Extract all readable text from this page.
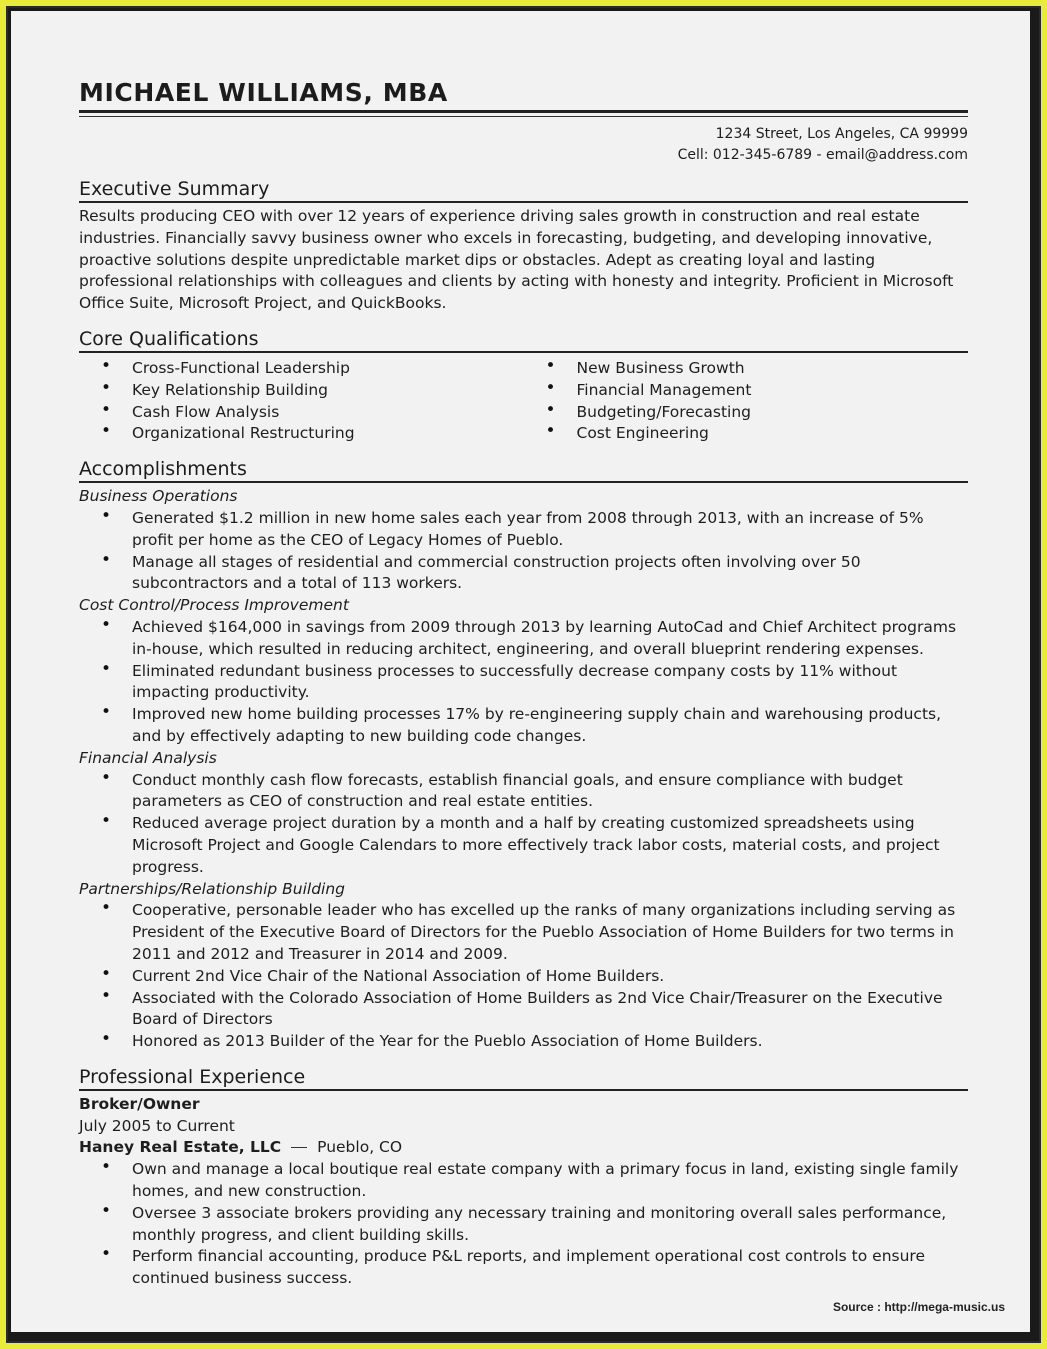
MICHAEL WILLIAMS, MBA
1234 Street, Los Angeles, CA 99999
Cell: 012-345-6789 - email@address.com
Executive Summary

Results producing CEO with over 12 years of experience driving sales growth in construction and real estate industries. Financially savvy business owner who excels in forecasting, budgeting, and developing innovative, proactive solutions despite unpredictable market dips or obstacles. Adept as creating loyal and lasting professional relationships with colleagues and clients by acting with honesty and integrity. Proficient in Microsoft Office Suite, Microsoft Project, and QuickBooks.

Core Qualifications
• Cross-Functional Leadership
• Key Relationship Building
• Cash Flow Analysis
• Organizational Restructuring
• New Business Growth
• Financial Management
• Budgeting/Forecasting
• Cost Engineering
Accomplishments

Business Operations

• Generated $1.2 million in new home sales each year from 2008 through 2013, with an increase of 5% profit per home as the CEO of Legacy Homes of Pueblo.
• Manage all stages of residential and commercial construction projects often involving over 50 subcontractors and a total of 113 workers.

Cost Control/Process Improvement

• Achieved $164,000 in savings from 2009 through 2013 by learning AutoCad and Chief Architect programs in-house, which resulted in reducing architect, engineering, and overall blueprint rendering expenses.
• Eliminated redundant business processes to successfully decrease company costs by 11% without impacting productivity.
• Improved new home building processes 17% by re-engineering supply chain and warehousing products, and by effectively adapting to new building code changes.

Financial Analysis

• Conduct monthly cash flow forecasts, establish financial goals, and ensure compliance with budget parameters as CEO of construction and real estate entities.
• Reduced average project duration by a month and a half by creating customized spreadsheets using Microsoft Project and Google Calendars to more effectively track labor costs, material costs, and project progress.

Partnerships/Relationship Building

• Cooperative, personable leader who has excelled up the ranks of many organizations including serving as President of the Executive Board of Directors for the Pueblo Association of Home Builders for two terms in 2011 and 2012 and Treasurer in 2014 and 2009.
• Current 2nd Vice Chair of the National Association of Home Builders.
• Associated with the Colorado Association of Home Builders as 2nd Vice Chair/Treasurer on the Executive Board of Directors
• Honored as 2013 Builder of the Year for the Pueblo Association of Home Builders.
Professional Experience
Broker/Owner
July 2005 to Current
Haney Real Estate, LLC Pueblo, CO
• Own and manage a local boutique real estate company with a primary focus in land, existing single family homes, and new construction.
• Oversee 3 associate brokers providing any necessary training and monitoring overall sales performance, monthly progress, and client building skills.
• Perform financial accounting, produce P&L reports, and implement operational cost controls to ensure continued business success.
Source : http://mega-music.us
